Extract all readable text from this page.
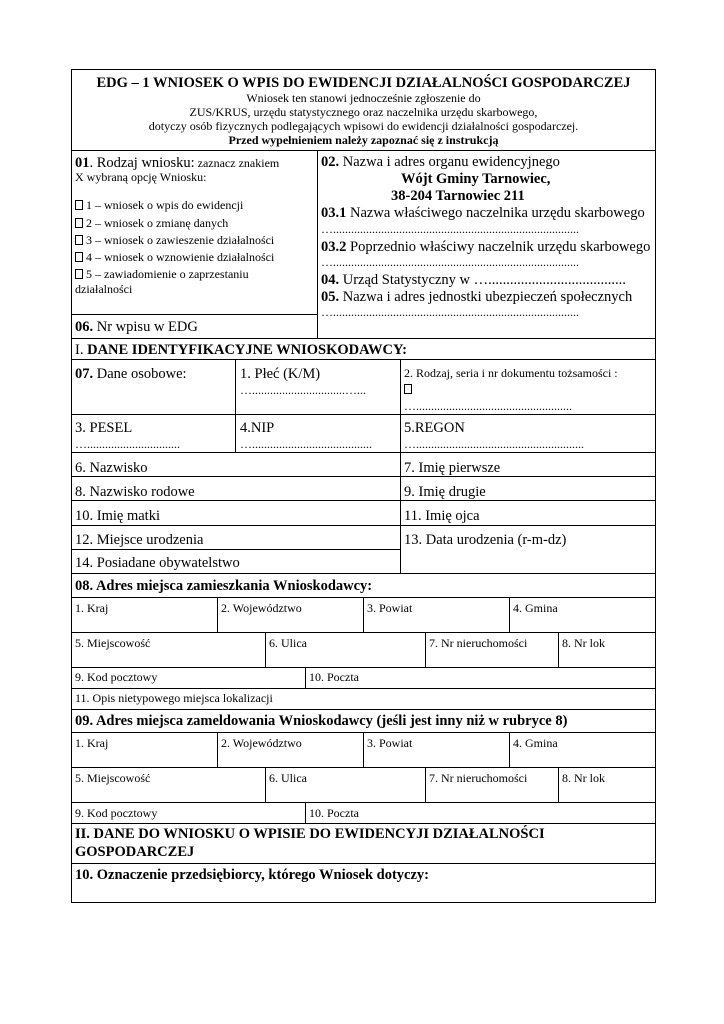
EDG – 1 WNIOSEK O WPIS DO EWIDENCJI DZIAŁALNOŚCI GOSPODARCZEJ
Wniosek ten stanowi jednocześnie zgłoszenie do
ZUS/KRUS, urzędu statystycznego oraz naczelnika urzędu skarbowego,
dotyczy osób fizycznych podlegających wpisowi do ewidencji działalności gospodarczej.
Przed wypełnieniem należy zapoznać się z instrukcją
01. Rodzaj wniosku: zaznacz znakiem
X wybraną opcję Wniosku:
1 – wniosek o wpis do ewidencji
2 – wniosek o zmianę danych
3 – wniosek o zawieszenie działalności
4 – wniosek o wznowienie działalności
5 – zawiadomienie o zaprzestaniu
działalności
02. Nazwa i adres organu ewidencyjnego
Wójt Gminy Tarnowiec,
38-204 Tarnowiec 211
03.1 Nazwa właściwego naczelnika urzędu skarbowego
…..................................................................................
03.2 Poprzednio właściwy naczelnik urzędu skarbowego
…..................................................................................
04. Urząd Statystyczny w …......................................
05. Nazwa i adres jednostki ubezpieczeń społecznych
…..................................................................................
06. Nr wpisu w EDG
I. DANE IDENTYFIKACYJNE WNIOSKODAWCY:
07. Dane osobowe:	1. Płeć (K/M)
…...............................…...
2. Rodzaj, seria i nr dokumentu tożsamości :
…....................................................
3. PESEL
…...............................
4.NIP
…........................................
5.REGON
…........................................................
6. Nazwisko	7. Imię pierwsze
8. Nazwisko rodowe	9. Imię drugie
10. Imię matki	11. Imię ojca
12. Miejsce urodzenia	13. Data urodzenia (r-m-dz)
14. Posiadane obywatelstwo
08. Adres miejsca zamieszkania Wnioskodawcy:
1. Kraj	2. Województwo	3. Powiat	4. Gmina
5. Miejscowość	6. Ulica	7. Nr nieruchomości	8. Nr lok
9. Kod pocztowy	10. Poczta
11. Opis nietypowego miejsca lokalizacji
09. Adres miejsca zameldowania Wnioskodawcy (jeśli jest inny niż w rubryce 8)
1. Kraj	2. Województwo	3. Powiat	4. Gmina
5. Miejscowość	6. Ulica	7. Nr nieruchomości	8. Nr lok
9. Kod pocztowy	10. Poczta
II. DANE DO WNIOSKU O WPISIE DO EWIDENCYJI DZIAŁALNOŚCI
GOSPODARCZEJ
10. Oznaczenie przedsiębiorcy, którego Wniosek dotyczy:
